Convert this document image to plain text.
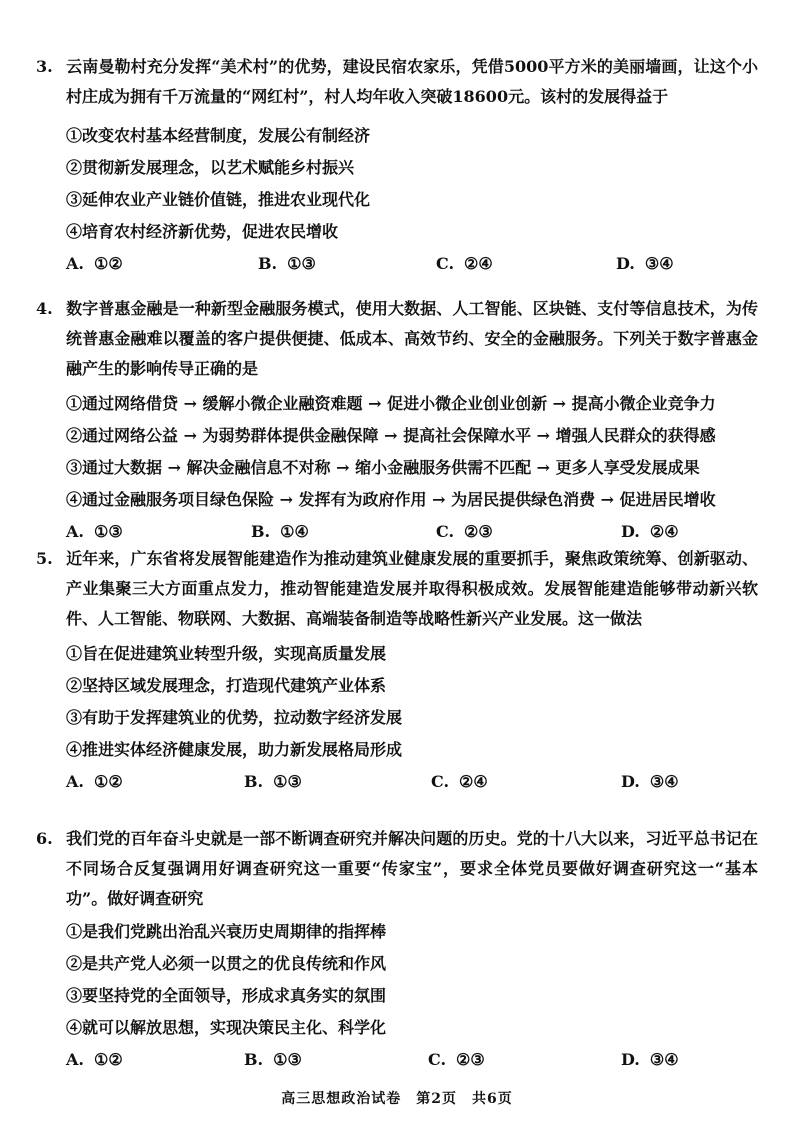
3. 云南曼勒村充分发挥“美术村”的优势，建设民宿农家乐，凭借5000平方米的美丽墙画，让这个小村庄成为拥有千万流量的“网红村”，村人均年收入突破18600元。该村的发展得益于

①改变农村基本经营制度，发展公有制经济

②贯彻新发展理念，以艺术赋能乡村振兴

③延伸农业产业链价值链，推进农业现代化

④培育农村经济新优势，促进农民增收

A. ①②	B. ①③	C. ②④	D. ③④

4. 数字普惠金融是一种新型金融服务模式，使用大数据、人工智能、区块链、支付等信息技术，为传统普惠金融难以覆盖的客户提供便捷、低成本、高效节约、安全的金融服务。下列关于数字普惠金融产生的影响传导正确的是

①通过网络借贷 → 缓解小微企业融资难题 → 促进小微企业创业创新 → 提高小微企业竞争力

②通过网络公益 → 为弱势群体提供金融保障 → 提高社会保障水平 → 增强人民群众的获得感

③通过大数据 → 解决金融信息不对称 → 缩小金融服务供需不匹配 → 更多人享受发展成果

④通过金融服务项目绿色保险 → 发挥有为政府作用 → 为居民提供绿色消费 → 促进居民增收

A. ①③	B. ①④	C. ②③	D. ②④

5. 近年来，广东省将发展智能建造作为推动建筑业健康发展的重要抓手，聚焦政策统筹、创新驱动、产业集聚三大方面重点发力，推动智能建造发展并取得积极成效。发展智能建造能够带动新兴软件、人工智能、物联网、大数据、高端装备制造等战略性新兴产业发展。这一做法

①旨在促进建筑业转型升级，实现高质量发展

②坚持区域发展理念，打造现代建筑产业体系

③有助于发挥建筑业的优势，拉动数字经济发展

④推进实体经济健康发展，助力新发展格局形成

A. ①②	B. ①③	C. ②④	D. ③④

6. 我们党的百年奋斗史就是一部不断调查研究并解决问题的历史。党的十八大以来，习近平总书记在不同场合反复强调用好调查研究这一重要“传家宝”，要求全体党员要做好调查研究这一“基本功”。做好调查研究

①是我们党跳出治乱兴衰历史周期律的指挥棒

②是共产党人必须一以贯之的优良传统和作风

③要坚持党的全面领导，形成求真务实的氛围

④就可以解放思想，实现决策民主化、科学化

A. ①②	B. ①③	C. ②③	D. ③④
高三思想政治试卷　第2页　共6页
